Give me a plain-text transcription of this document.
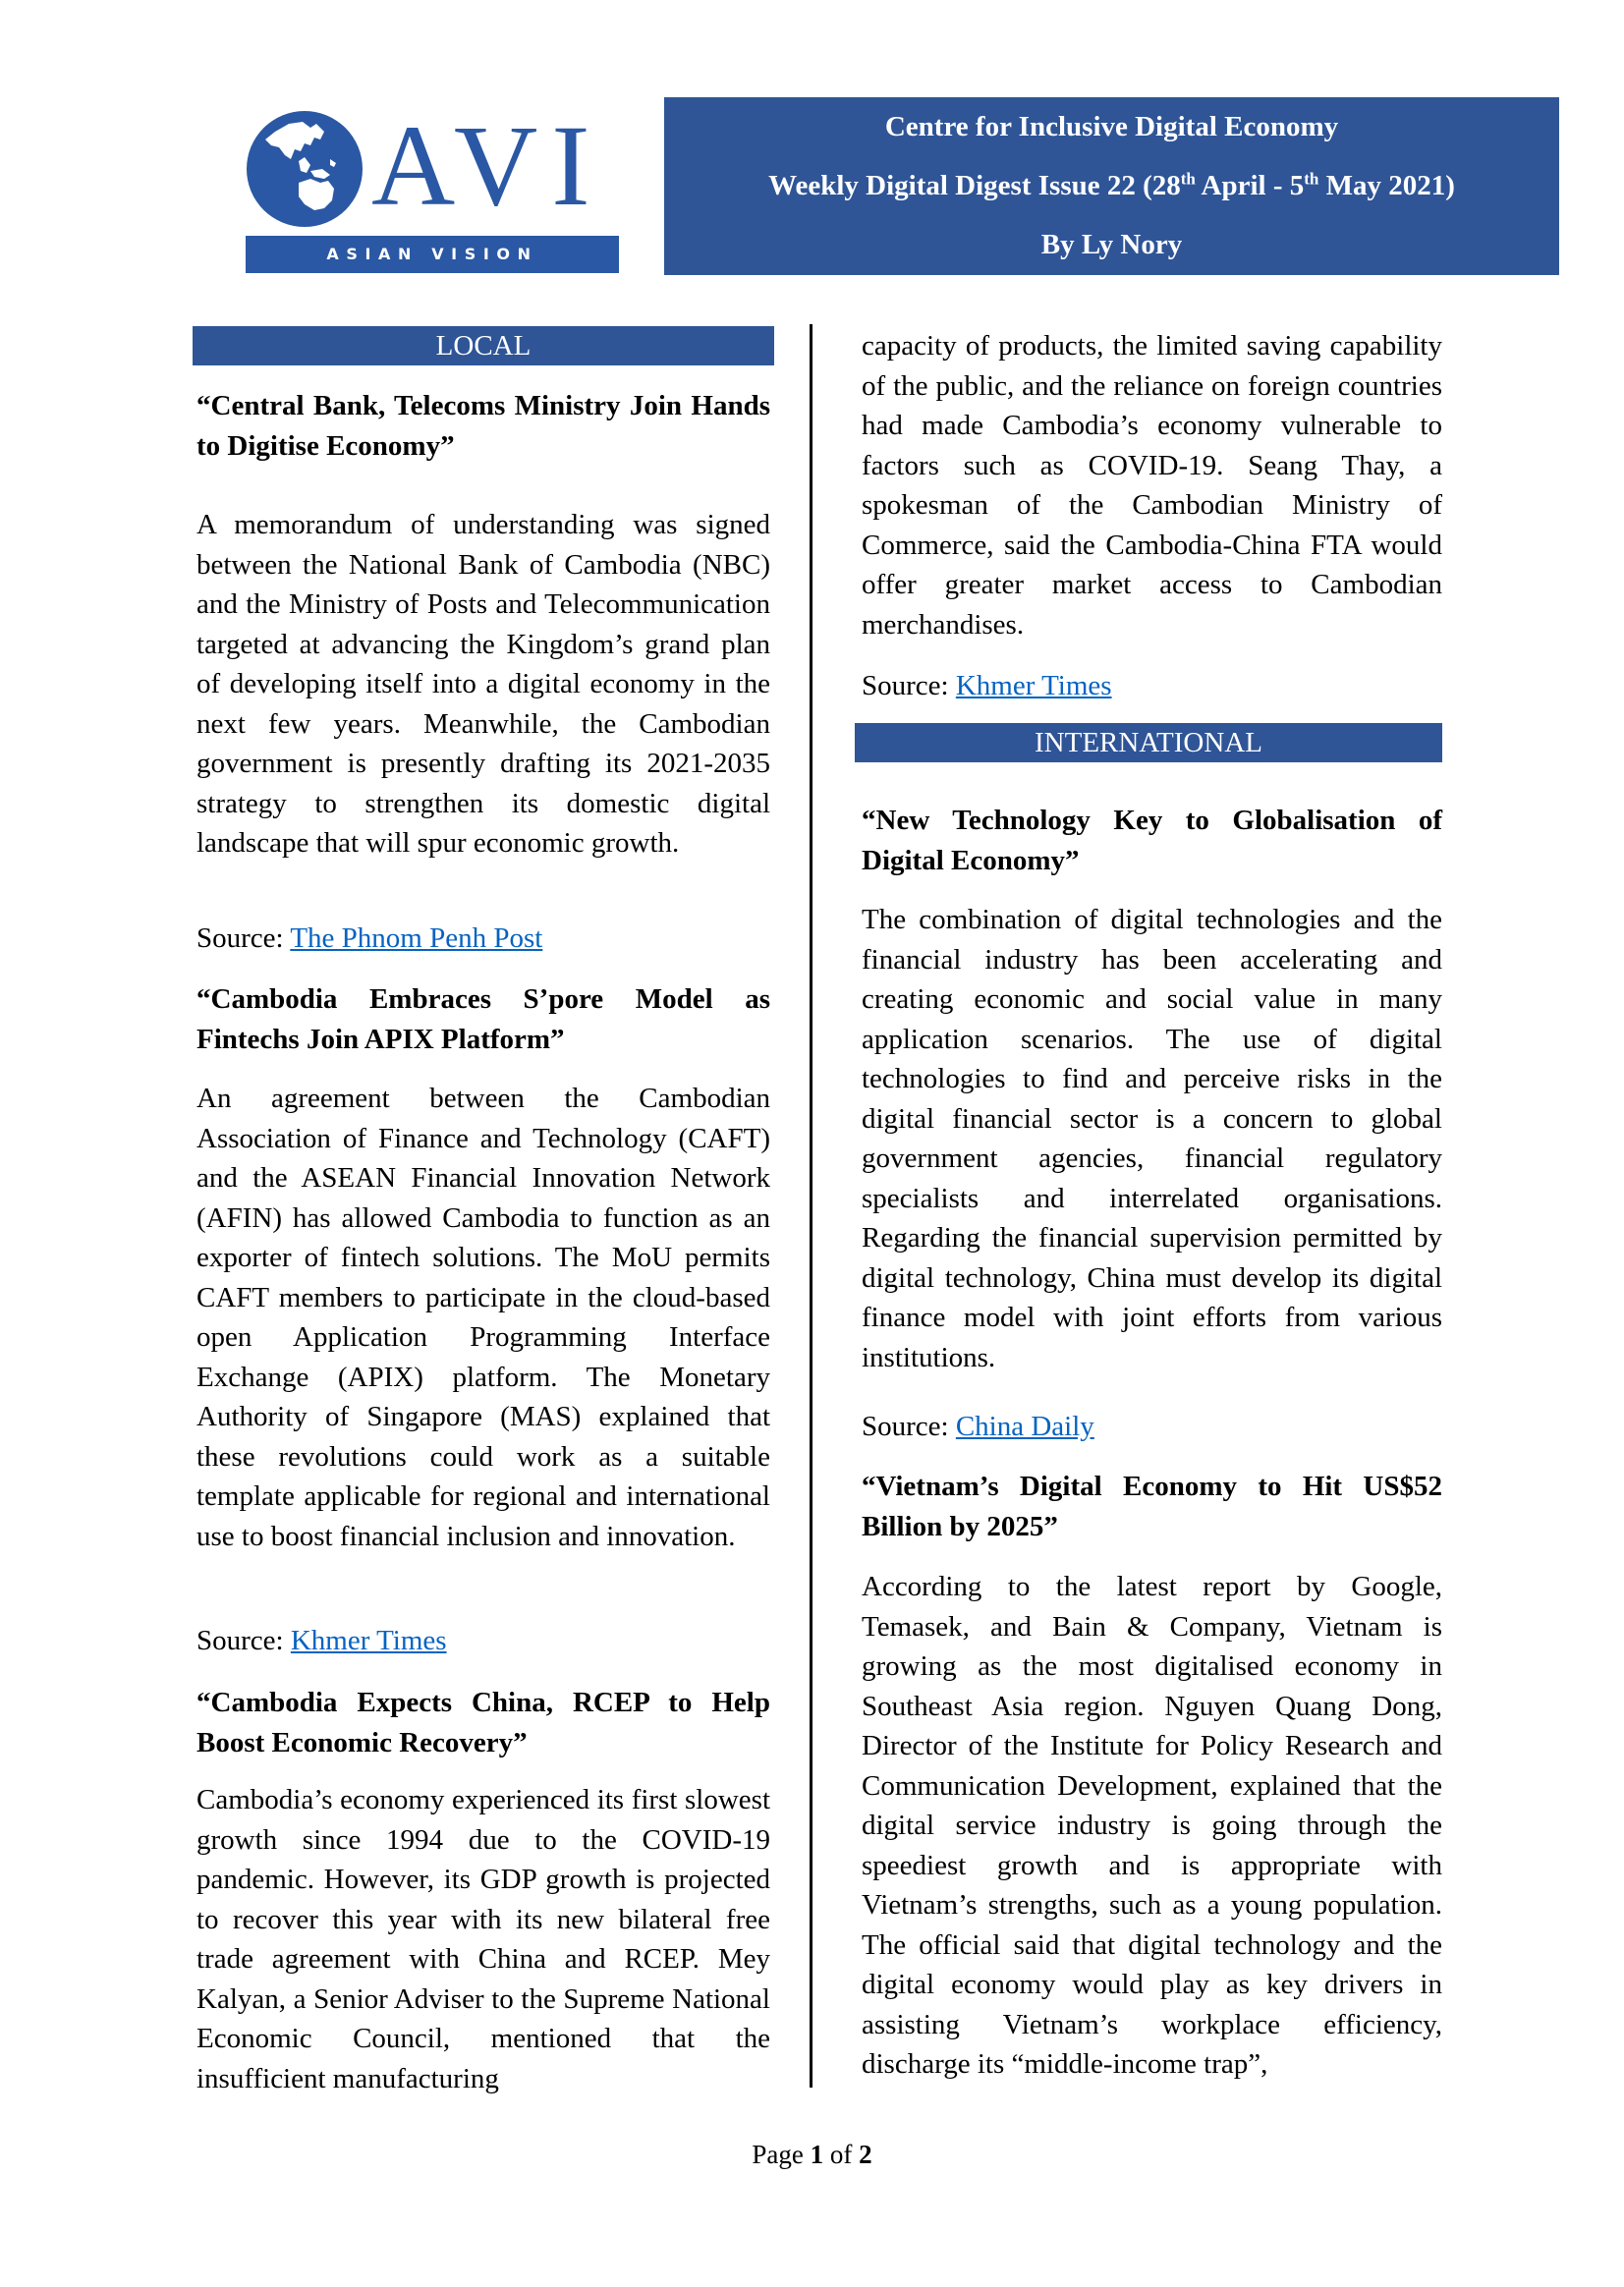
AVI
ASIAN VISION INSTITUTE
Centre for Inclusive Digital Economy
Weekly Digital Digest Issue 22 (28th April - 5th May 2021)
By Ly Nory
LOCAL
INTERNATIONAL
“Central Bank, Telecoms Ministry Join Hands to Digitise Economy”
A memorandum of understanding was signed between the National Bank of Cambodia (NBC) and the Ministry of Posts and Telecommunication targeted at advancing the Kingdom’s grand plan of developing itself into a digital economy in the next few years. Meanwhile, the Cambodian government is presently drafting its 2021-2035 strategy to strengthen its domestic digital landscape that will spur economic growth.
Source: The Phnom Penh Post
“Cambodia Embraces S’pore Model as Fintechs Join APIX Platform”
An agreement between the Cambodian Association of Finance and Technology (CAFT) and the ASEAN Financial Innovation Network (AFIN) has allowed Cambodia to function as an exporter of fintech solutions. The MoU permits CAFT members to participate in the cloud-based open Application Programming Interface Exchange (APIX) platform. The Monetary Authority of Singapore (MAS) explained that these revolutions could work as a suitable template applicable for regional and international use to boost financial inclusion and innovation.
Source: Khmer Times
“Cambodia Expects China, RCEP to Help Boost Economic Recovery”
Cambodia’s economy experienced its first slowest growth since 1994 due to the COVID-19 pandemic. However, its GDP growth is projected to recover this year with its new bilateral free trade agreement with China and RCEP. Mey Kalyan, a Senior Adviser to the Supreme National Economic Council, mentioned that the insufficient manufacturing
capacity of products, the limited saving capability of the public, and the reliance on foreign countries had made Cambodia’s economy vulnerable to factors such as COVID-19. Seang Thay, a spokesman of the Cambodian Ministry of Commerce, said the Cambodia-China FTA would offer greater market access to Cambodian merchandises.
Source: Khmer Times
“New Technology Key to Globalisation of Digital Economy”
The combination of digital technologies and the financial industry has been accelerating and creating economic and social value in many application scenarios. The use of digital technologies to find and perceive risks in the digital financial sector is a concern to global government agencies, financial regulatory specialists and interrelated organisations. Regarding the financial supervision permitted by digital technology, China must develop its digital finance model with joint efforts from various institutions.
Source: China Daily
“Vietnam’s Digital Economy to Hit US$52 Billion by 2025”
According to the latest report by Google, Temasek, and Bain & Company, Vietnam is growing as the most digitalised economy in Southeast Asia region. Nguyen Quang Dong, Director of the Institute for Policy Research and Communication Development, explained that the digital service industry is going through the speediest growth and is appropriate with Vietnam’s strengths, such as a young population. The official said that digital technology and the digital economy would play as key drivers in assisting Vietnam’s workplace efficiency, discharge its “middle-income trap”,
Page 1 of 2
